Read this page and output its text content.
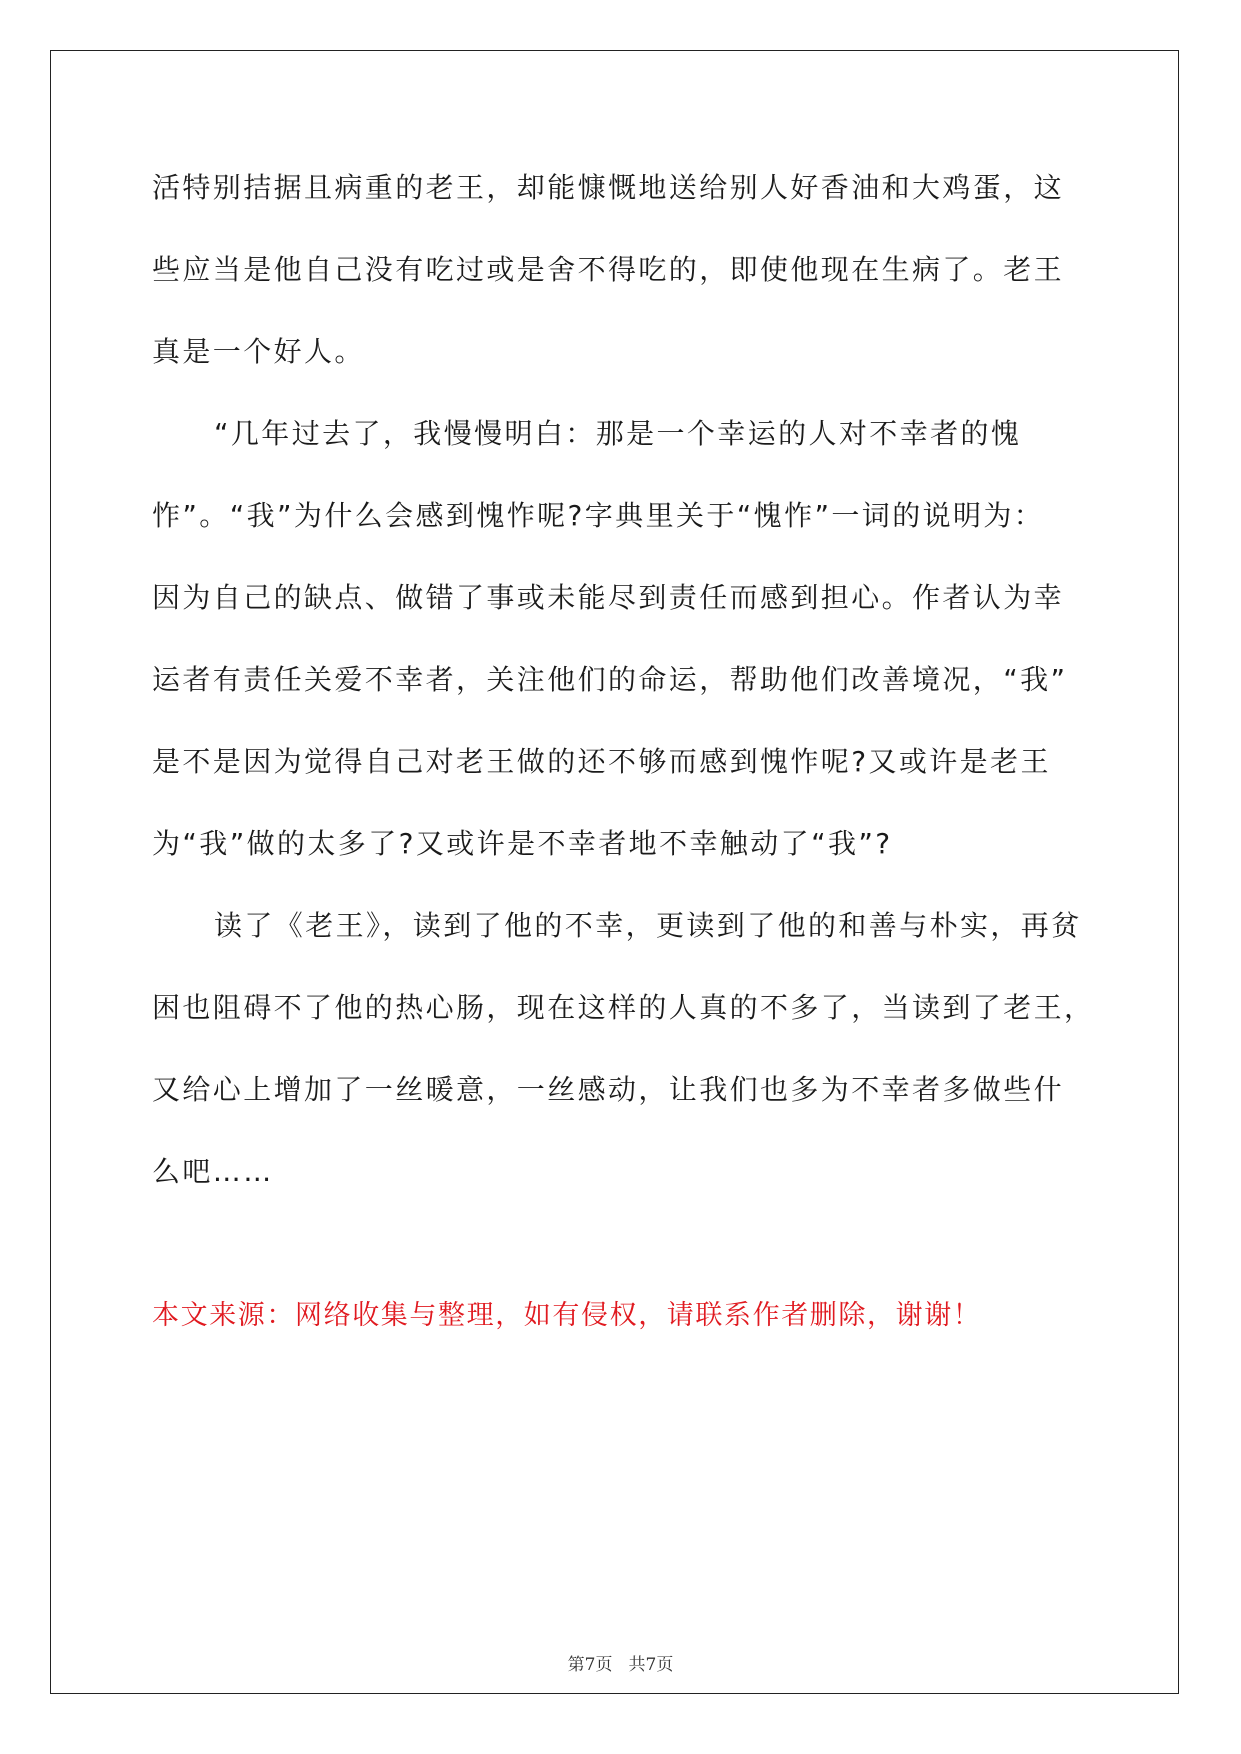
活特别拮据且病重的老王，却能慷慨地送给别人好香油和大鸡蛋，这
些应当是他自己没有吃过或是舍不得吃的，即使他现在生病了。老王
真是一个好人。
“几年过去了，我慢慢明白：那是一个幸运的人对不幸者的愧
怍”。“我”为什么会感到愧怍呢?字典里关于“愧怍”一词的说明为：
因为自己的缺点、做错了事或未能尽到责任而感到担心。作者认为幸
运者有责任关爱不幸者，关注他们的命运，帮助他们改善境况，“我”
是不是因为觉得自己对老王做的还不够而感到愧怍呢?又或许是老王
为“我”做的太多了?又或许是不幸者地不幸触动了“我”?
读了《老王》，读到了他的不幸，更读到了他的和善与朴实，再贫
困也阻碍不了他的热心肠，现在这样的人真的不多了，当读到了老王，
又给心上增加了一丝暖意，一丝感动，让我们也多为不幸者多做些什
么吧……
本文来源：网络收集与整理，如有侵权，请联系作者删除，谢谢！
第7页 共7页
